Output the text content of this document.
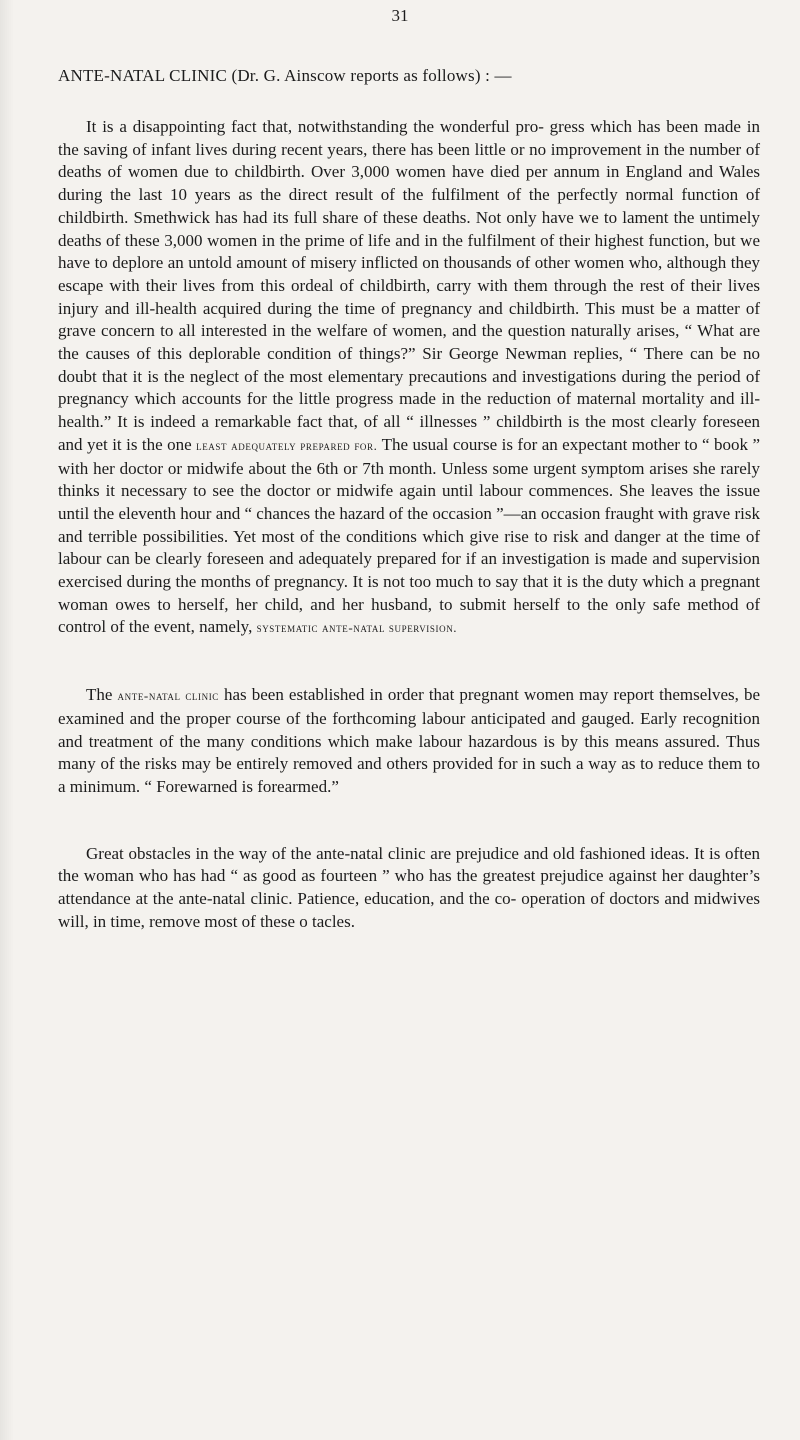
31
ANTE-NATAL CLINIC (Dr. G. Ainscow reports as follows) : —

It is a disappointing fact that, notwithstanding the wonderful pro- gress which has been made in the saving of infant lives during recent years, there has been little or no improvement in the number of deaths of women due to childbirth. Over 3,000 women have died per annum in England and Wales during the last 10 years as the direct result of the fulfilment of the perfectly normal function of childbirth. Smethwick has had its full share of these deaths. Not only have we to lament the untimely deaths of these 3,000 women in the prime of life and in the fulfilment of their highest function, but we have to deplore an untold amount of misery inflicted on thousands of other women who, although they escape with their lives from this ordeal of childbirth, carry with them through the rest of their lives injury and ill-health acquired during the time of pregnancy and childbirth. This must be a matter of grave concern to all interested in the welfare of women, and the question naturally arises, “ What are the causes of this deplorable condition of things?” Sir George Newman replies, “ There can be no doubt that it is the neglect of the most elementary precautions and investigations during the period of pregnancy which accounts for the little progress made in the reduction of maternal mortality and ill-health.” It is indeed a remarkable fact that, of all “ illnesses ” childbirth is the most clearly foreseen and yet it is the one least adequately prepared for. The usual course is for an expectant mother to “ book ” with her doctor or midwife about the 6th or 7th month. Unless some urgent symptom arises she rarely thinks it necessary to see the doctor or midwife again until labour commences. She leaves the issue until the eleventh hour and “ chances the hazard of the occasion ”—an occasion fraught with grave risk and terrible possibilities. Yet most of the conditions which give rise to risk and danger at the time of labour can be clearly foreseen and adequately prepared for if an investigation is made and supervision exercised during the months of pregnancy. It is not too much to say that it is the duty which a pregnant woman owes to herself, her child, and her husband, to submit herself to the only safe method of control of the event, namely, systematic ante-natal supervision.

The ante-natal clinic has been established in order that pregnant women may report themselves, be examined and the proper course of the forthcoming labour anticipated and gauged. Early recognition and treatment of the many conditions which make labour hazardous is by this means assured. Thus many of the risks may be entirely removed and others provided for in such a way as to reduce them to a minimum. “ Forewarned is forearmed.”

Great obstacles in the way of the ante-natal clinic are prejudice and old fashioned ideas. It is often the woman who has had “ as good as fourteen ” who has the greatest prejudice against her daughter’s attendance at the ante-natal clinic. Patience, education, and the co- operation of doctors and midwives will, in time, remove most of these o tacles.
